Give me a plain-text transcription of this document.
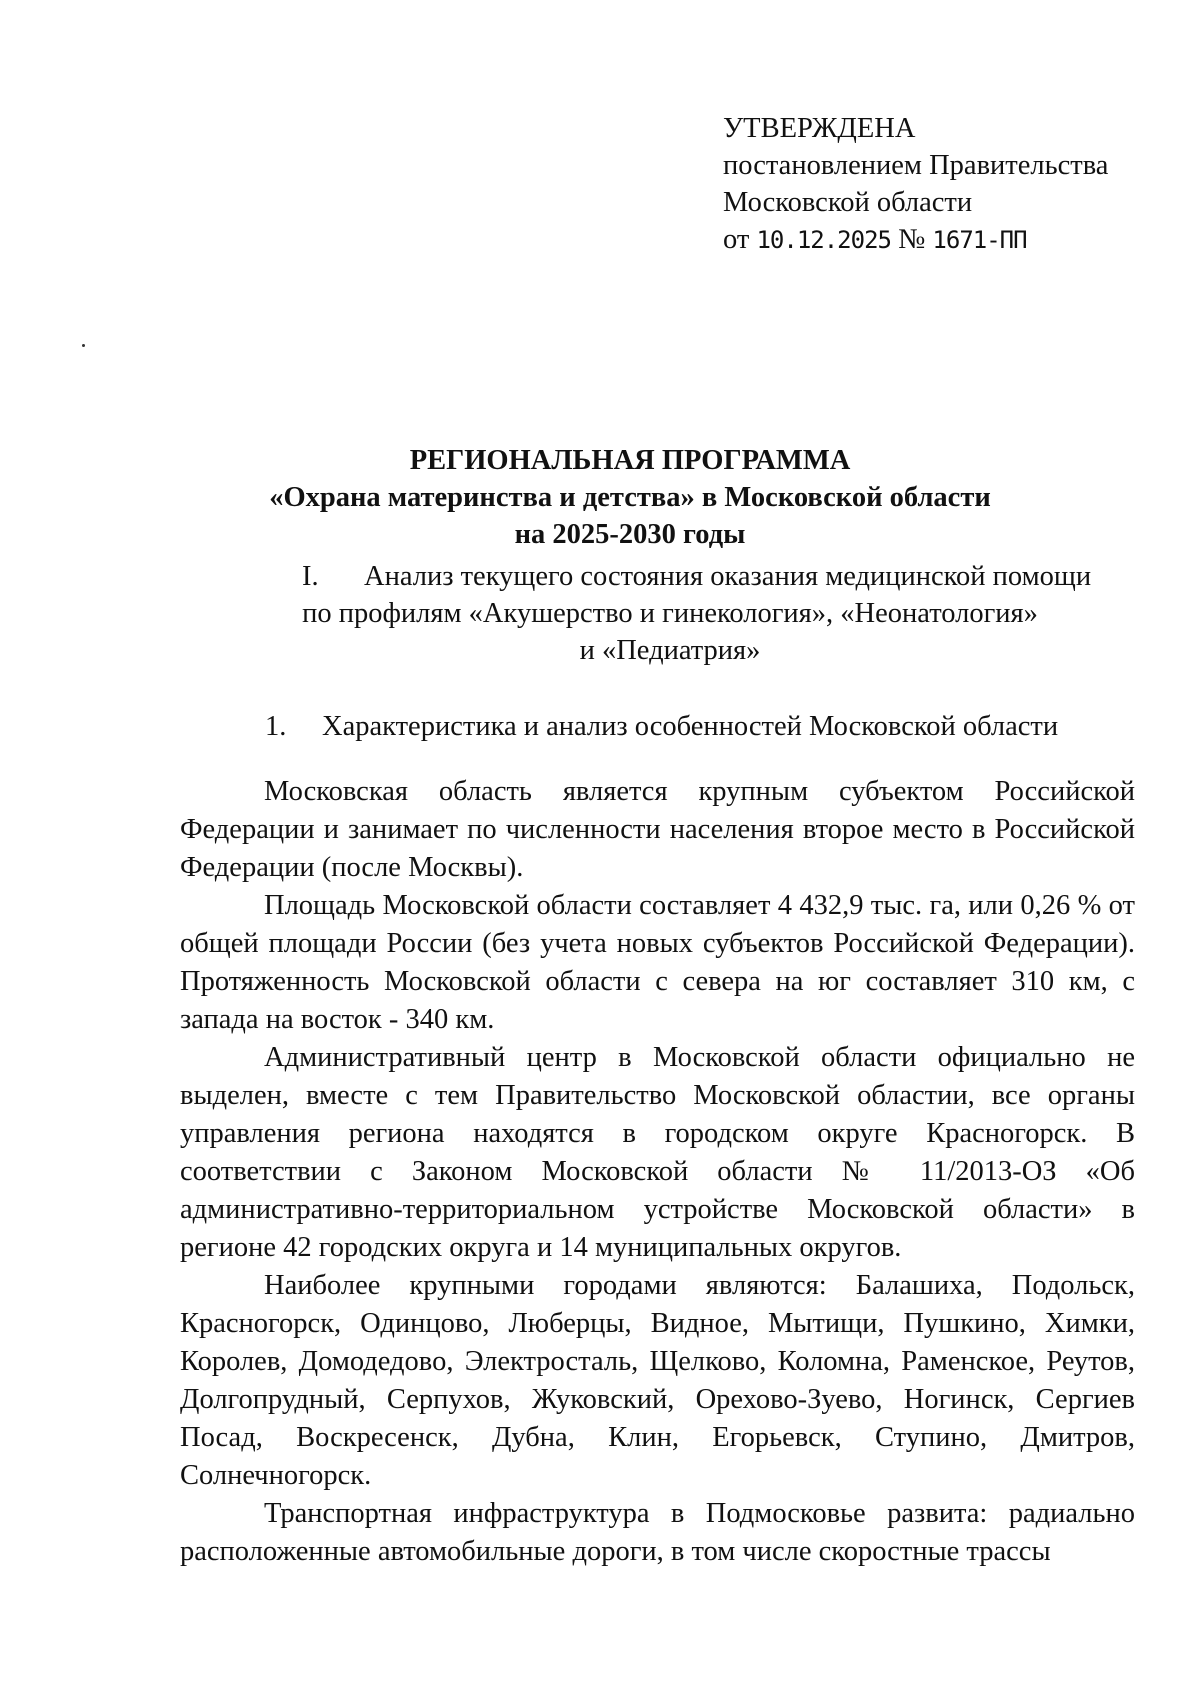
УТВЕРЖДЕНА
постановлением Правительства
Московской области
от 10.12.2025 № 1671-ПП
РЕГИОНАЛЬНАЯ ПРОГРАММА
«Охрана материнства и детства» в Московской области
на 2025-2030 годы
I. Анализ текущего состояния оказания медицинской помощи
по профилям «Акушерство и гинекология», «Неонатология»
и «Педиатрия»
1. Характеристика и анализ особенностей Московской области

Московская область является крупным субъектом Российской Федерации и занимает по численности населения второе место в Российской Федерации (после Москвы).

Площадь Московской области составляет 4 432,9 тыс. га, или 0,26 % от общей площади России (без учета новых субъектов Российской Федерации). Протяженность Московской области с севера на юг составляет 310 км, с запада на восток - 340 км.

Административный центр в Московской области официально не выделен, вместе с тем Правительство Московской областии, все органы управления региона находятся в городском округе Красногорск. В соответствии с Законом Московской области № 11/2013-ОЗ «Об административно-территориальном устройстве Московской области» в регионе 42 городских округа и 14 муниципальных округов.

Наиболее крупными городами являются: Балашиха, Подольск, Красногорск, Одинцово, Люберцы, Видное, Мытищи, Пушкино, Химки, Королев, Домодедово, Электросталь, Щелково, Коломна, Раменское, Реутов, Долгопрудный, Серпухов, Жуковский, Орехово-Зуево, Ногинск, Сергиев Посад, Воскресенск, Дубна, Клин, Егорьевск, Ступино, Дмитров, Солнечногорск.

Транспортная инфраструктура в Подмосковье развита: радиально расположенные автомобильные дороги, в том числе скоростные трассы
